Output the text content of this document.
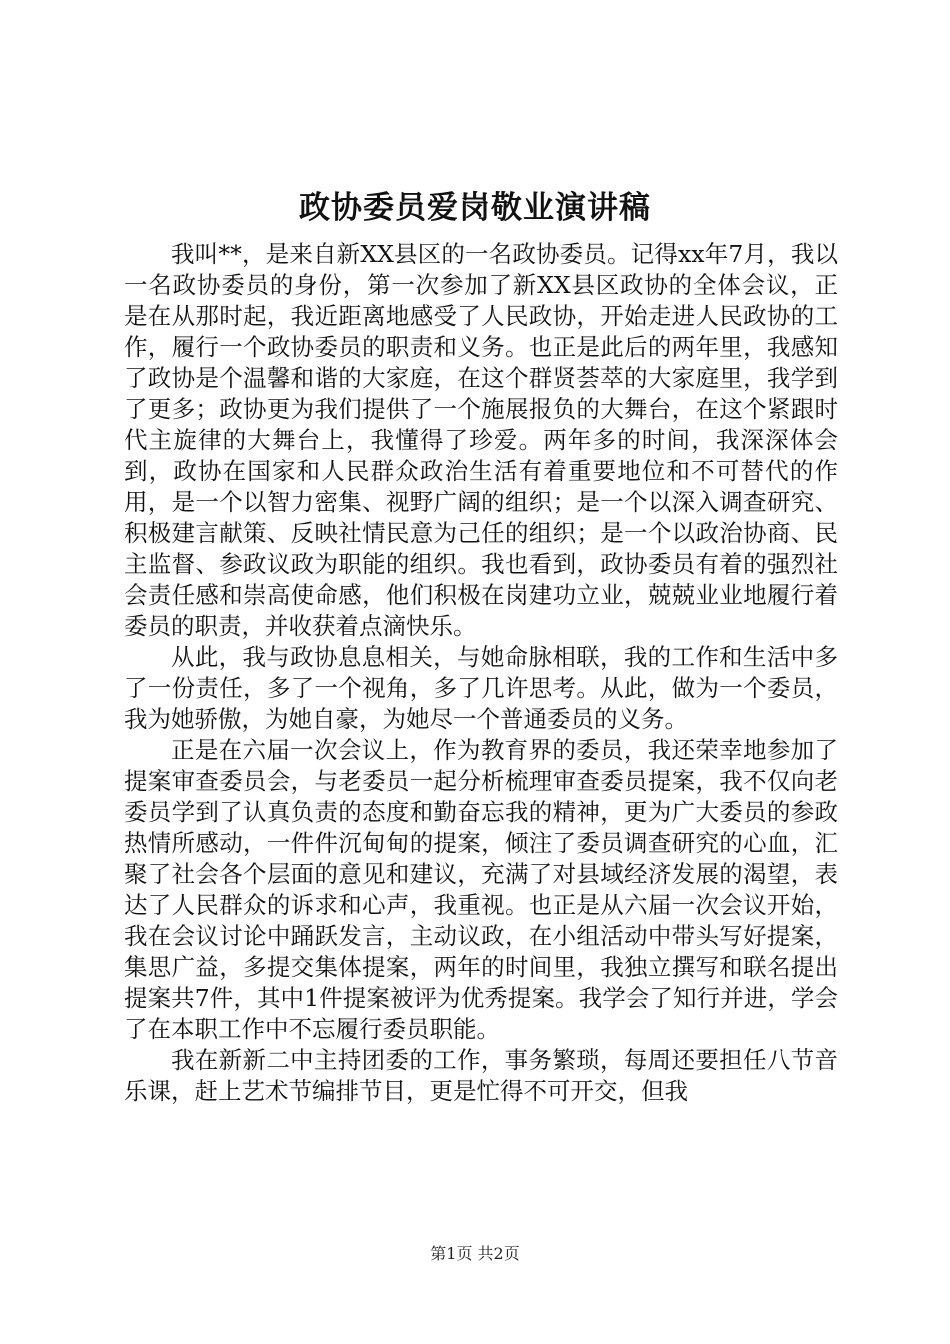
政协委员爱岗敬业演讲稿

我叫**，是来自新XX县区的一名政协委员。记得xx年7月，我以一名政协委员的身份，第一次参加了新XX县区政协的全体会议，正是在从那时起，我近距离地感受了人民政协，开始走进人民政协的工作，履行一个政协委员的职责和义务。也正是此后的两年里，我感知了政协是个温馨和谐的大家庭，在这个群贤荟萃的大家庭里，我学到了更多；政协更为我们提供了一个施展报负的大舞台，在这个紧跟时代主旋律的大舞台上，我懂得了珍爱。两年多的时间，我深深体会到，政协在国家和人民群众政治生活有着重要地位和不可替代的作用，是一个以智力密集、视野广阔的组织；是一个以深入调查研究、积极建言献策、反映社情民意为己任的组织；是一个以政治协商、民主监督、参政议政为职能的组织。我也看到，政协委员有着的强烈社会责任感和崇高使命感，他们积极在岗建功立业，兢兢业业地履行着委员的职责，并收获着点滴快乐。

从此，我与政协息息相关，与她命脉相联，我的工作和生活中多了一份责任，多了一个视角，多了几许思考。从此，做为一个委员，我为她骄傲，为她自豪，为她尽一个普通委员的义务。

正是在六届一次会议上，作为教育界的委员，我还荣幸地参加了提案审查委员会，与老委员一起分析梳理审查委员提案，我不仅向老委员学到了认真负责的态度和勤奋忘我的精神，更为广大委员的参政热情所感动，一件件沉甸甸的提案，倾注了委员调查研究的心血，汇聚了社会各个层面的意见和建议，充满了对县域经济发展的渴望，表达了人民群众的诉求和心声，我重视。也正是从六届一次会议开始，我在会议讨论中踊跃发言，主动议政，在小组活动中带头写好提案，集思广益，多提交集体提案，两年的时间里，我独立撰写和联名提出提案共7件，其中1件提案被评为优秀提案。我学会了知行并进，学会了在本职工作中不忘履行委员职能。

我在新新二中主持团委的工作，事务繁琐，每周还要担任八节音乐课，赶上艺术节编排节目，更是忙得不可开交，但我

第1页 共2页
